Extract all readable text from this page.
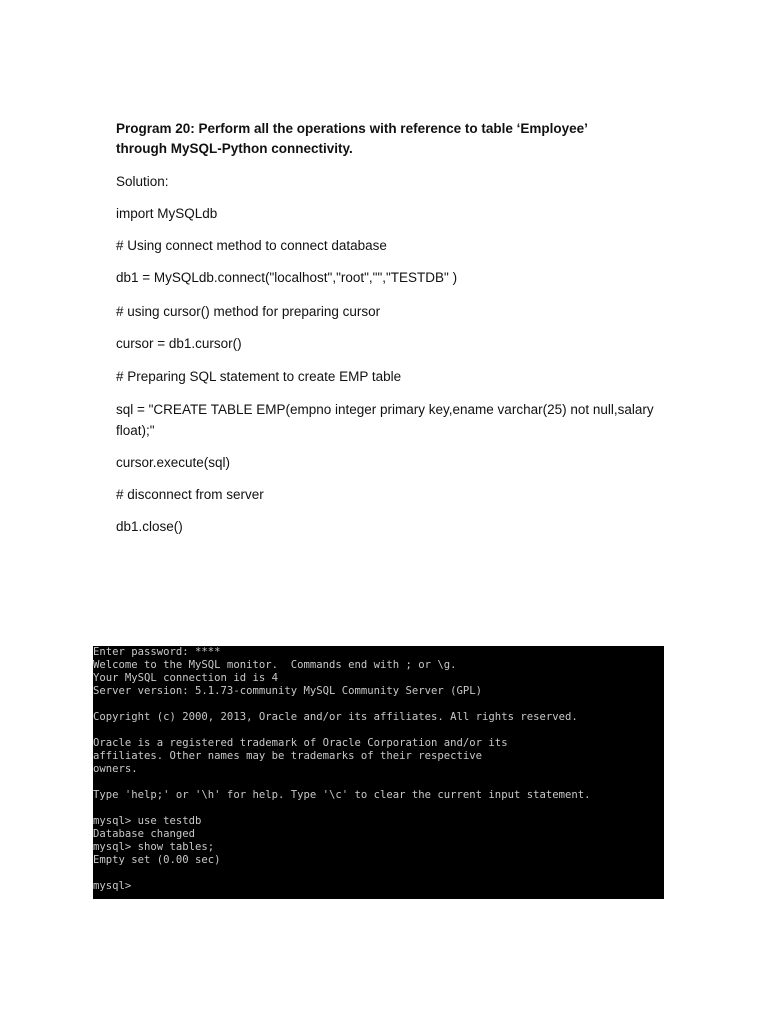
Program 20: Perform all the operations with reference to table ‘Employee’
through MySQL-Python connectivity.
Solution:
import MySQLdb
# Using connect method to connect database
db1 = MySQLdb.connect("localhost","root","","TESTDB" )
# using cursor() method for preparing cursor
cursor = db1.cursor()
# Preparing SQL statement to create EMP table
sql = "CREATE TABLE EMP(empno integer primary key,ename varchar(25) not null,salary float);"
cursor.execute(sql)
# disconnect from server
db1.close()
Enter password: ****
Welcome to the MySQL monitor.  Commands end with ; or \g.
Your MySQL connection id is 4
Server version: 5.1.73-community MySQL Community Server (GPL)
Copyright (c) 2000, 2013, Oracle and/or its affiliates. All rights reserved.
Oracle is a registered trademark of Oracle Corporation and/or its
affiliates. Other names may be trademarks of their respective
owners.
Type 'help;' or '\h' for help. Type '\c' to clear the current input statement.
mysql> use testdb
Database changed
mysql> show tables;
Empty set (0.00 sec)
mysql>
